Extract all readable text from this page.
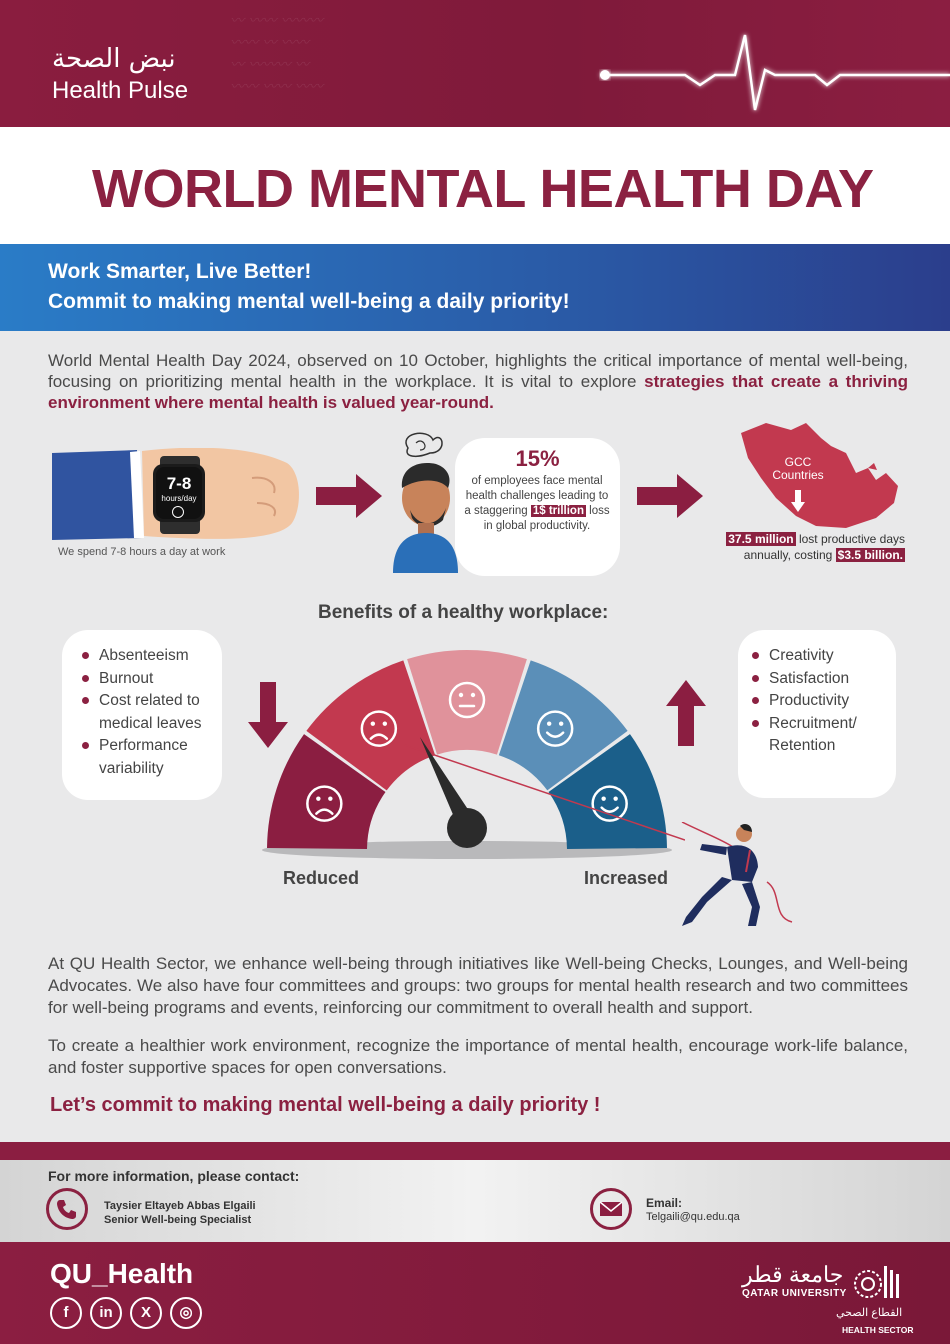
〰 〰〰 〰〰〰
〰〰 〰 〰〰
〰 〰〰〰 〰
〰〰 〰〰 〰〰
نبض الصحة
Health Pulse
WORLD MENTAL HEALTH DAY
Work Smarter, Live Better!
Commit to making mental well-being a daily priority!
World Mental Health Day 2024, observed on 10 October, highlights the critical importance of mental well-being, focusing on prioritizing mental health in the workplace. It is vital to explore strategies that create a thriving environment where mental health is valued year-round.
7-8
hours/day
We spend 7-8 hours a day at work
15%
of employees face mental health challenges leading to a staggering 1$ trillion loss in global productivity.
GCC Countries
37.5 million lost productive days annually, costing $3.5 billion.
Benefits of a healthy workplace:
Absenteeism
Burnout
Cost related to medical leaves
Performance variability
Creativity
Satisfaction
Productivity
Recruitment/ Retention
Reduced	Increased
At QU Health Sector, we enhance well-being through initiatives like Well-being Checks, Lounges, and Well-being Advocates. We also have four committees and groups: two groups for mental health research and two committees for well-being programs and events, reinforcing our commitment to overall health and support.
To create a healthier work environment, recognize the importance of mental health, encourage work-life balance, and foster supportive spaces for open conversations.
Let’s commit to making mental well-being a daily priority !
For more information, please contact:
Taysier Eltayeb Abbas Elgaili
Senior Well-being Specialist
Email:
Telgaili@qu.edu.qa
QU_Health
f	in	X	◎
جامعة قطر
QATAR UNIVERSITY
القطاع الصحي
HEALTH SECTOR
